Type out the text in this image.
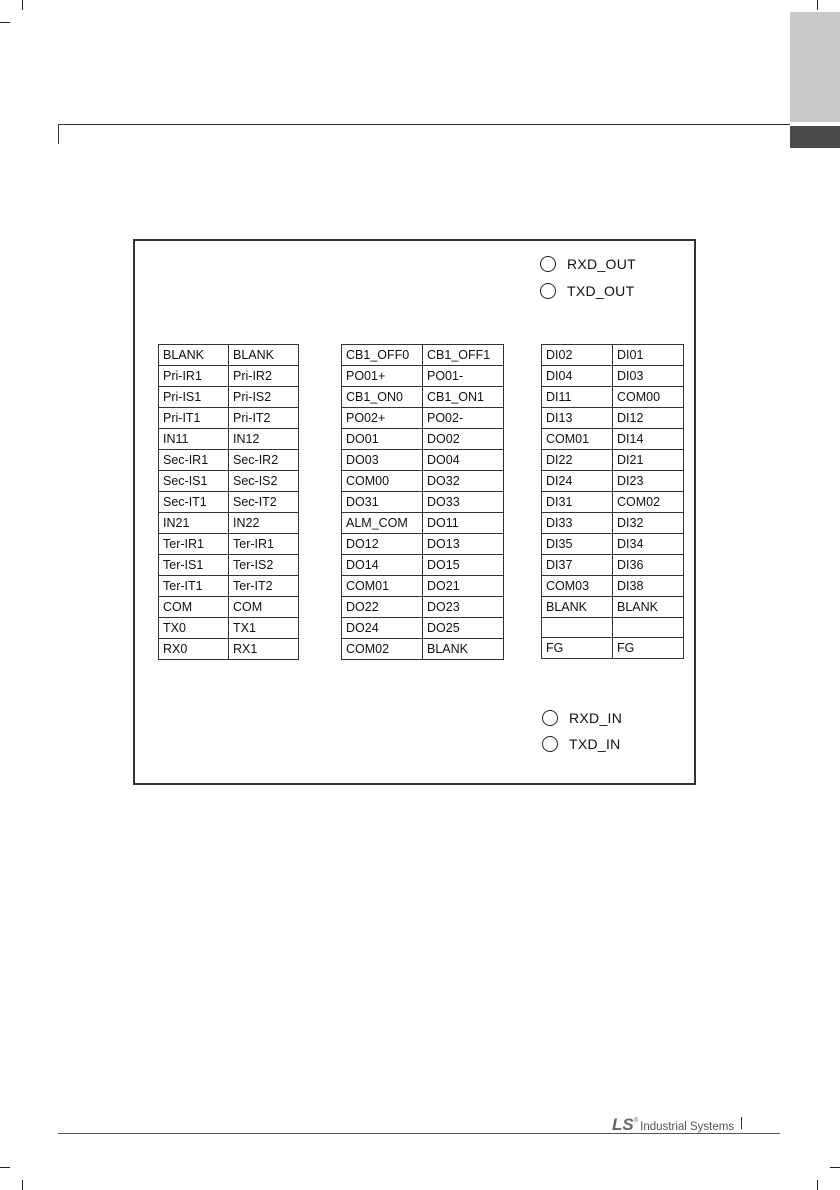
RXD_OUT
TXD_OUT
RXD_IN
TXD_IN
BLANK	BLANK
Pri-IR1	Pri-IR2
Pri-IS1	Pri-IS2
Pri-IT1	Pri-IT2
IN11	IN12
Sec-IR1	Sec-IR2
Sec-IS1	Sec-IS2
Sec-IT1	Sec-IT2
IN21	IN22
Ter-IR1	Ter-IR1
Ter-IS1	Ter-IS2
Ter-IT1	Ter-IT2
COM	COM
TX0	TX1
RX0	RX1
CB1_OFF0	CB1_OFF1
PO01+	PO01-
CB1_ON0	CB1_ON1
PO02+	PO02-
DO01	DO02
DO03	DO04
COM00	DO32
DO31	DO33
ALM_COM	DO11
DO12	DO13
DO14	DO15
COM01	DO21
DO22	DO23
DO24	DO25
COM02	BLANK
DI02	DI01
DI04	DI03
DI11	COM00
DI13	DI12
COM01	DI14
DI22	DI21
DI24	DI23
DI31	COM02
DI33	DI32
DI35	DI34
DI37	DI36
COM03	DI38
BLANK	BLANK

FG	FG
LS ® Industrial Systems
